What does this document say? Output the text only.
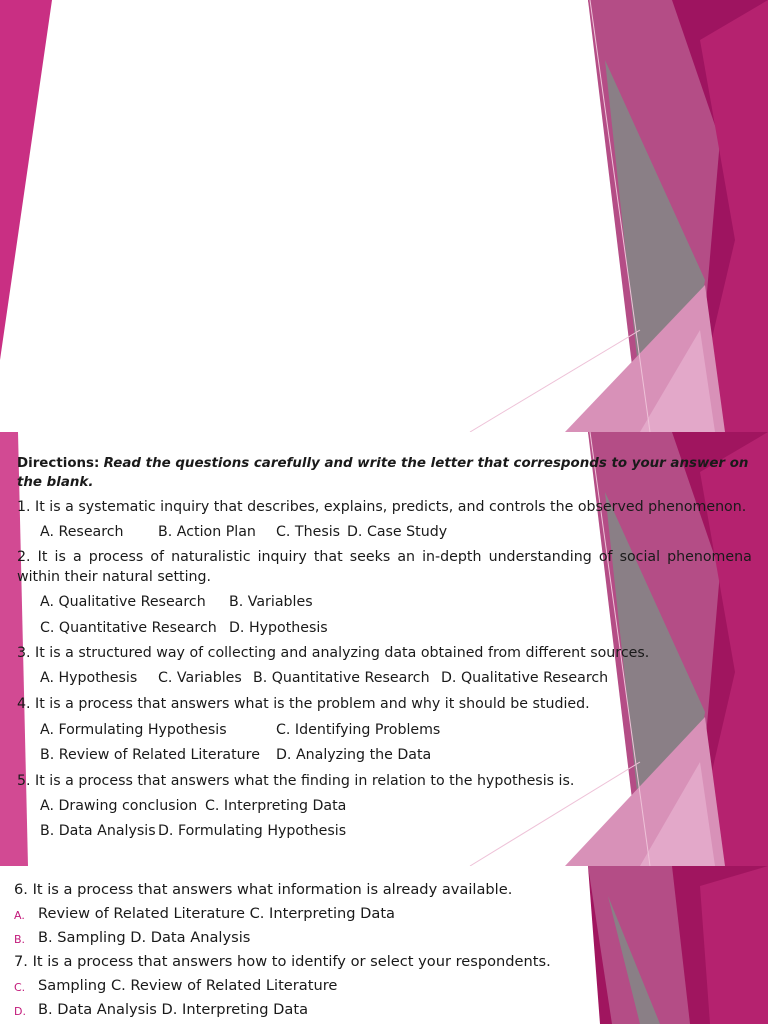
Directions: Read the questions carefully and write the letter that corresponds to your answer on
the blank.
1. It is a systematic inquiry that describes, explains, predicts, and controls the observed phenomenon.
A. Research B. Action Plan C. Thesis D. Case Study
2. It is a process of naturalistic inquiry that seeks an in-depth understanding of social phenomena
within their natural setting.
A. Qualitative Research B. Variables
C. Quantitative Research D. Hypothesis
3. It is a structured way of collecting and analyzing data obtained from different sources.
A. Hypothesis C. Variables B. Quantitative Research D. Qualitative Research
4. It is a process that answers what is the problem and why it should be studied.
A. Formulating Hypothesis	C. Identifying Problems
B. Review of Related Literature D. Analyzing the Data
5. It is a process that answers what the finding in relation to the hypothesis is.
A. Drawing conclusion C. Interpreting Data
B. Data Analysis D. Formulating Hypothesis
6. It is a process that answers what information is already available.
A. Review of Related Literature C. Interpreting Data
B. B. Sampling D. Data Analysis
7. It is a process that answers how to identify or select your respondents.
C. Sampling C. Review of Related Literature
D. B. Data Analysis D. Interpreting Data
